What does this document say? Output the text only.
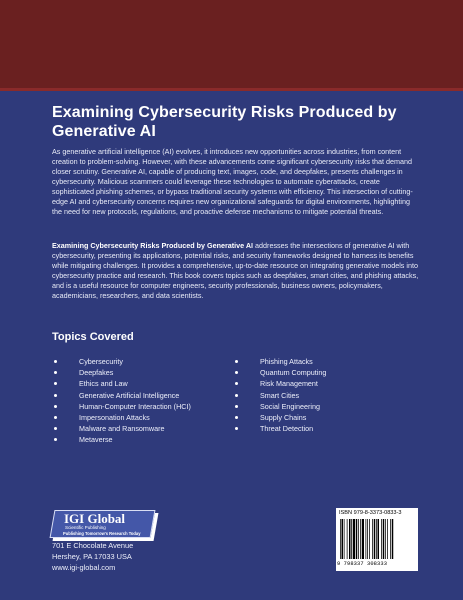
Examining Cybersecurity Risks Produced by Generative AI
As generative artificial intelligence (AI) evolves, it introduces new opportunities across industries, from content creation to problem-solving. However, with these advancements come significant cybersecurity risks that demand closer scrutiny. Generative AI, capable of producing text, images, code, and deepfakes, presents challenges in cybersecurity. Malicious scammers could leverage these technologies to automate cyberattacks, create sophisticated phishing schemes, or bypass traditional security systems with efficiency. This intersection of cutting-edge AI and cybersecurity concerns requires new organizational safeguards for digital environments, highlighting the need for new protocols, regulations, and proactive defense mechanisms to mitigate potential threats.
Examining Cybersecurity Risks Produced by Generative AI addresses the intersections of generative AI with cybersecurity, presenting its applications, potential risks, and security frameworks designed to harness its benefits while mitigating challenges. It provides a comprehensive, up-to-date resource on integrating generative models into cybersecurity practice and research. This book covers topics such as deepfakes, smart cities, and phishing attacks, and is a useful resource for computer engineers, security professionals, business owners, policymakers, academicians, researchers, and data scientists.
Topics Covered
Cybersecurity
Deepfakes
Ethics and Law
Generative Artificial Intelligence
Human-Computer Interaction (HCI)
Impersonation Attacks
Malware and Ransomware
Metaverse
Phishing Attacks
Quantum Computing
Risk Management
Smart Cities
Social Engineering
Supply Chains
Threat Detection
IGI Global
Scientific Publishing
Publishing Tomorrow's Research Today
701 E Chocolate Avenue
Hershey, PA 17033 USA
www.igi-global.com
ISBN 979-8-3373-0833-3
9 798337 308333
